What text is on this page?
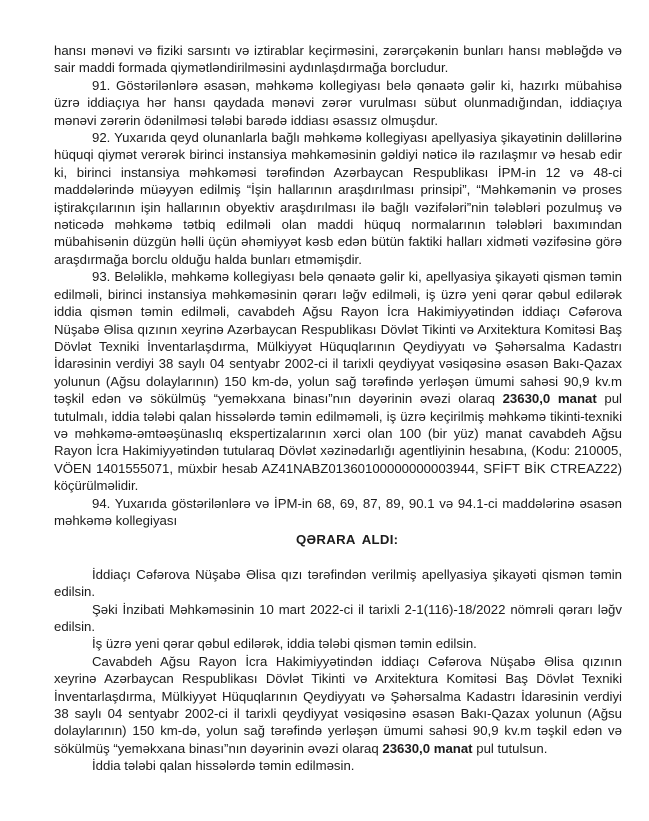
hansı mənəvi və fiziki sarsıntı və iztirablar keçirməsini, zərərçəkənin bunları hansı məbləğdə və sair maddi formada qiymətləndirilməsini aydınlaşdırmağa borcludur.

91. Göstərilənlərə əsasən, məhkəmə kollegiyası belə qənaətə gəlir ki, hazırkı mübahisə üzrə iddiaçıya hər hansı qaydada mənəvi zərər vurulması sübut olunmadığından, iddiaçıya mənəvi zərərin ödənilməsi tələbi barədə iddiası əsassız olmuşdur.

92. Yuxarıda qeyd olunanlarla bağlı məhkəmə kollegiyası apellyasiya şikayətinin dəlillərinə hüquqi qiymət verərək birinci instansiya məhkəməsinin gəldiyi nəticə ilə razılaşmır və hesab edir ki, birinci instansiya məhkəməsi tərəfindən Azərbaycan Respublikası İPM-in 12 və 48-ci maddələrində müəyyən edilmiş “İşin hallarının araşdırılması prinsipi”, “Məhkəmənin və proses iştirakçılarının işin hallarının obyektiv araşdırılması ilə bağlı vəzifələri”nin tələbləri pozulmuş və nəticədə məhkəmə tətbiq edilməli olan maddi hüquq normalarının tələbləri baxımından mübahisənin düzgün həlli üçün əhəmiyyət kəsb edən bütün faktiki halları xidməti vəzifəsinə görə araşdırmağa borclu olduğu halda bunları etməmişdir.

93. Beləliklə, məhkəmə kollegiyası belə qənaətə gəlir ki, apellyasiya şikayəti qismən təmin edilməli, birinci instansiya məhkəməsinin qərarı ləğv edilməli, iş üzrə yeni qərar qəbul edilərək iddia qismən təmin edilməli, cavabdeh Ağsu Rayon İcra Hakimiyyətindən iddiaçı Cəfərova Nüşabə Əlisa qızının xeyrinə Azərbaycan Respublikası Dövlət Tikinti və Arxitektura Komitəsi Baş Dövlət Texniki İnventarlaşdırma, Mülkiyyət Hüquqlarının Qeydiyyatı və Şəhərsalma Kadastrı İdarəsinin verdiyi 38 saylı 04 sentyabr 2002-ci il tarixli qeydiyyat vəsiqəsinə əsasən Bakı-Qazax yolunun (Ağsu dolaylarının) 150 km-də, yolun sağ tərəfində yerləşən ümumi sahəsi 90,9 kv.m təşkil edən və sökülmüş “yeməkxana binası”nın dəyərinin əvəzi olaraq 23630,0 manat pul tutulmalı, iddia tələbi qalan hissələrdə təmin edilməməli, iş üzrə keçirilmiş məhkəmə tikinti-texniki və məhkəmə-əmtəəşünaslıq ekspertizalarının xərci olan 100 (bir yüz) manat cavabdeh Ağsu Rayon İcra Hakimiyyətindən tutularaq Dövlət xəzinədarlığı agentliyinin hesabına, (Kodu: 210005, VÖEN 1401555071, müxbir hesab AZ41NABZ01360100000000003944, SFİFT BİK CTREAZ22) köçürülməlidir.

94. Yuxarıda göstərilənlərə və İPM-in 68, 69, 87, 89, 90.1 və 94.1-ci maddələrinə əsasən məhkəmə kollegiyası

QƏRARA ALDI:

İddiaçı Cəfərova Nüşabə Əlisa qızı tərəfindən verilmiş apellyasiya şikayəti qismən təmin edilsin.

Şəki İnzibati Məhkəməsinin 10 mart 2022-ci il tarixli 2-1(116)-18/2022 nömrəli qərarı ləğv edilsin.

İş üzrə yeni qərar qəbul edilərək, iddia tələbi qismən təmin edilsin.

Cavabdeh Ağsu Rayon İcra Hakimiyyətindən iddiaçı Cəfərova Nüşabə Əlisa qızının xeyrinə Azərbaycan Respublikası Dövlət Tikinti və Arxitektura Komitəsi Baş Dövlət Texniki İnventarlaşdırma, Mülkiyyət Hüquqlarının Qeydiyyatı və Şəhərsalma Kadastrı İdarəsinin verdiyi 38 saylı 04 sentyabr 2002-ci il tarixli qeydiyyat vəsiqəsinə əsasən Bakı-Qazax yolunun (Ağsu dolaylarının) 150 km-də, yolun sağ tərəfində yerləşən ümumi sahəsi 90,9 kv.m təşkil edən və sökülmüş “yeməkxana binası”nın dəyərinin əvəzi olaraq 23630,0 manat pul tutulsun.

İddia tələbi qalan hissələrdə təmin edilməsin.
